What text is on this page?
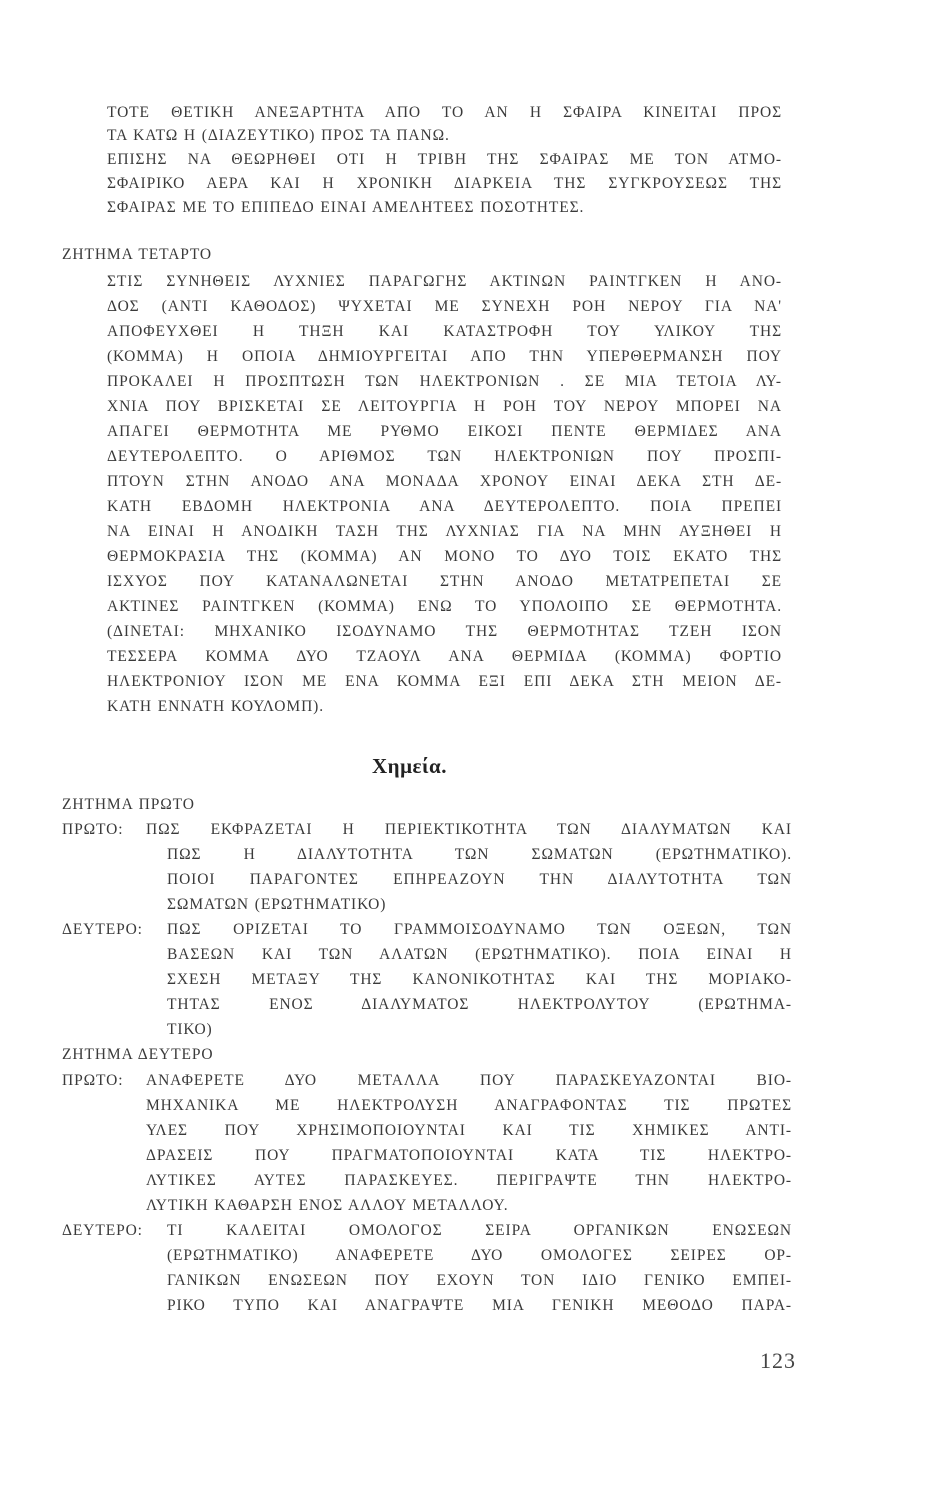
ΤΟΤΕ ΘΕΤΙΚΗ ΑΝΕΞΑΡΤΗΤΑ ΑΠΟ ΤΟ ΑΝ Η ΣΦΑΙΡΑ ΚΙΝΕΙΤΑΙ ΠΡΟΣ
ΤΑ ΚΑΤΩ Η (ΔΙΑΖΕΥΤΙΚΟ) ΠΡΟΣ ΤΑ ΠΑΝΩ.
ΕΠΙΣΗΣ ΝΑ ΘΕΩΡΗΘΕΙ ΟΤΙ Η ΤΡΙΒΗ ΤΗΣ ΣΦΑΙΡΑΣ ΜΕ ΤΟΝ ΑΤΜΟ-
ΣΦΑΙΡΙΚΟ ΑΕΡΑ ΚΑΙ Η ΧΡΟΝΙΚΗ ΔΙΑΡΚΕΙΑ ΤΗΣ ΣΥΓΚΡΟΥΣΕΩΣ ΤΗΣ
ΣΦΑΙΡΑΣ ΜΕ ΤΟ ΕΠΙΠΕΔΟ ΕΙΝΑΙ ΑΜΕΛΗΤΕΕΣ ΠΟΣΟΤΗΤΕΣ.
ΖΗΤΗΜΑ ΤΕΤΑΡΤΟ
ΣΤΙΣ ΣΥΝΗΘΕΙΣ ΛΥΧΝΙΕΣ ΠΑΡΑΓΩΓΗΣ ΑΚΤΙΝΩΝ ΡΑΙΝΤΓΚΕΝ Η ΑΝΟ-
ΔΟΣ (ΑΝΤΙ ΚΑΘΟΔΟΣ) ΨΥΧΕΤΑΙ ΜΕ ΣΥΝΕΧΗ ΡΟΗ ΝΕΡΟΥ ΓΙΑ ΝΑ'
ΑΠΟΦΕΥΧΘΕΙ Η ΤΗΞΗ ΚΑΙ ΚΑΤΑΣΤΡΟΦΗ ΤΟΥ ΥΛΙΚΟΥ ΤΗΣ
(ΚΟΜΜΑ) Η ΟΠΟΙΑ ΔΗΜΙΟΥΡΓΕΙΤΑΙ ΑΠΟ ΤΗΝ ΥΠΕΡΘΕΡΜΑΝΣΗ ΠΟΥ
ΠΡΟΚΑΛΕΙ Η ΠΡΟΣΠΤΩΣΗ ΤΩΝ ΗΛΕΚΤΡΟΝΙΩΝ . ΣΕ ΜΙΑ ΤΕΤΟΙΑ ΛΥ-
ΧΝΙΑ ΠΟΥ ΒΡΙΣΚΕΤΑΙ ΣΕ ΛΕΙΤΟΥΡΓΙΑ Η ΡΟΗ ΤΟΥ ΝΕΡΟΥ ΜΠΟΡΕΙ ΝΑ
ΑΠΑΓΕΙ ΘΕΡΜΟΤΗΤΑ ΜΕ ΡΥΘΜΟ ΕΙΚΟΣΙ ΠΕΝΤΕ ΘΕΡΜΙΔΕΣ ΑΝΑ
ΔΕΥΤΕΡΟΛΕΠΤΟ. Ο ΑΡΙΘΜΟΣ ΤΩΝ ΗΛΕΚΤΡΟΝΙΩΝ ΠΟΥ ΠΡΟΣΠΙ-
ΠΤΟΥΝ ΣΤΗΝ ΑΝΟΔΟ ΑΝΑ ΜΟΝΑΔΑ ΧΡΟΝΟΥ ΕΙΝΑΙ ΔΕΚΑ ΣΤΗ ΔΕ-
ΚΑΤΗ ΕΒΔΟΜΗ ΗΛΕΚΤΡΟΝΙΑ ΑΝΑ ΔΕΥΤΕΡΟΛΕΠΤΟ. ΠΟΙΑ ΠΡΕΠΕΙ
ΝΑ ΕΙΝΑΙ Η ΑΝΟΔΙΚΗ ΤΑΣΗ ΤΗΣ ΛΥΧΝΙΑΣ ΓΙΑ ΝΑ ΜΗΝ ΑΥΞΗΘΕΙ Η
ΘΕΡΜΟΚΡΑΣΙΑ ΤΗΣ (ΚΟΜΜΑ) ΑΝ ΜΟΝΟ ΤΟ ΔΥΟ ΤΟΙΣ ΕΚΑΤΟ ΤΗΣ
ΙΣΧΥΟΣ ΠΟΥ ΚΑΤΑΝΑΛΩΝΕΤΑΙ ΣΤΗΝ ΑΝΟΔΟ ΜΕΤΑΤΡΕΠΕΤΑΙ ΣΕ
ΑΚΤΙΝΕΣ ΡΑΙΝΤΓΚΕΝ (ΚΟΜΜΑ) ΕΝΩ ΤΟ ΥΠΟΛΟΙΠΟ ΣΕ ΘΕΡΜΟΤΗΤΑ.
(ΔΙΝΕΤΑΙ: ΜΗΧΑΝΙΚΟ ΙΣΟΔΥΝΑΜΟ ΤΗΣ ΘΕΡΜΟΤΗΤΑΣ ΤΖΕΗ ΙΣΟΝ
ΤΕΣΣΕΡΑ ΚΟΜΜΑ ΔΥΟ ΤΖΑΟΥΛ ΑΝΑ ΘΕΡΜΙΔΑ (ΚΟΜΜΑ) ΦΟΡΤΙΟ
ΗΛΕΚΤΡΟΝΙΟΥ ΙΣΟΝ ΜΕ ΕΝΑ ΚΟΜΜΑ ΕΞΙ ΕΠΙ ΔΕΚΑ ΣΤΗ ΜΕΙΟΝ ΔΕ-
ΚΑΤΗ ΕΝΝΑΤΗ ΚΟΥΛΟΜΠ).
Χημεία.
ΖΗΤΗΜΑ ΠΡΩΤΟ
ΠΡΩΤΟ: ΠΩΣ ΕΚΦΡΑΖΕΤΑΙ Η ΠΕΡΙΕΚΤΙΚΟΤΗΤΑ ΤΩΝ ΔΙΑΛΥΜΑΤΩΝ ΚΑΙ
ΠΩΣ Η ΔΙΑΛΥΤΟΤΗΤΑ ΤΩΝ ΣΩΜΑΤΩΝ (ΕΡΩΤΗΜΑΤΙΚΟ).
ΠΟΙΟΙ ΠΑΡΑΓΟΝΤΕΣ ΕΠΗΡΕΑΖΟΥΝ ΤΗΝ ΔΙΑΛΥΤΟΤΗΤΑ ΤΩΝ
ΣΩΜΑΤΩΝ (ΕΡΩΤΗΜΑΤΙΚΟ)
ΔΕΥΤΕΡΟ: ΠΩΣ ΟΡΙΖΕΤΑΙ ΤΟ ΓΡΑΜΜΟΙΣΟΔΥΝΑΜΟ ΤΩΝ ΟΞΕΩΝ, ΤΩΝ
ΒΑΣΕΩΝ ΚΑΙ ΤΩΝ ΑΛΑΤΩΝ (ΕΡΩΤΗΜΑΤΙΚΟ). ΠΟΙΑ ΕΙΝΑΙ Η
ΣΧΕΣΗ ΜΕΤΑΞΥ ΤΗΣ ΚΑΝΟΝΙΚΟΤΗΤΑΣ ΚΑΙ ΤΗΣ ΜΟΡΙΑΚΟ-
ΤΗΤΑΣ ΕΝΟΣ ΔΙΑΛΥΜΑΤΟΣ ΗΛΕΚΤΡΟΛΥΤΟΥ (ΕΡΩΤΗΜΑ-
ΤΙΚΟ)
ΖΗΤΗΜΑ ΔΕΥΤΕΡΟ
ΠΡΩΤΟ: ΑΝΑΦΕΡΕΤΕ ΔΥΟ ΜΕΤΑΛΛΑ ΠΟΥ ΠΑΡΑΣΚΕΥΑΖΟΝΤΑΙ ΒΙΟ-
ΜΗΧΑΝΙΚΑ ΜΕ ΗΛΕΚΤΡΟΛΥΣΗ ΑΝΑΓΡΑΦΟΝΤΑΣ ΤΙΣ ΠΡΩΤΕΣ
ΥΛΕΣ ΠΟΥ ΧΡΗΣΙΜΟΠΟΙΟΥΝΤΑΙ ΚΑΙ ΤΙΣ ΧΗΜΙΚΕΣ ΑΝΤΙ-
ΔΡΑΣΕΙΣ ΠΟΥ ΠΡΑΓΜΑΤΟΠΟΙΟΥΝΤΑΙ ΚΑΤΑ ΤΙΣ ΗΛΕΚΤΡΟ-
ΛΥΤΙΚΕΣ ΑΥΤΕΣ ΠΑΡΑΣΚΕΥΕΣ. ΠΕΡΙΓΡΑΨΤΕ ΤΗΝ ΗΛΕΚΤΡΟ-
ΛΥΤΙΚΗ ΚΑΘΑΡΣΗ ΕΝΟΣ ΑΛΛΟΥ ΜΕΤΑΛΛΟΥ.
ΔΕΥΤΕΡΟ: ΤΙ ΚΑΛΕΙΤΑΙ ΟΜΟΛΟΓΟΣ ΣΕΙΡΑ ΟΡΓΑΝΙΚΩΝ ΕΝΩΣΕΩΝ
(ΕΡΩΤΗΜΑΤΙΚΟ) ΑΝΑΦΕΡΕΤΕ ΔΥΟ ΟΜΟΛΟΓΕΣ ΣΕΙΡΕΣ ΟΡ-
ΓΑΝΙΚΩΝ ΕΝΩΣΕΩΝ ΠΟΥ ΕΧΟΥΝ ΤΟΝ ΙΔΙΟ ΓΕΝΙΚΟ ΕΜΠΕΙ-
ΡΙΚΟ ΤΥΠΟ ΚΑΙ ΑΝΑΓΡΑΨΤΕ ΜΙΑ ΓΕΝΙΚΗ ΜΕΘΟΔΟ ΠΑΡΑ-
123
